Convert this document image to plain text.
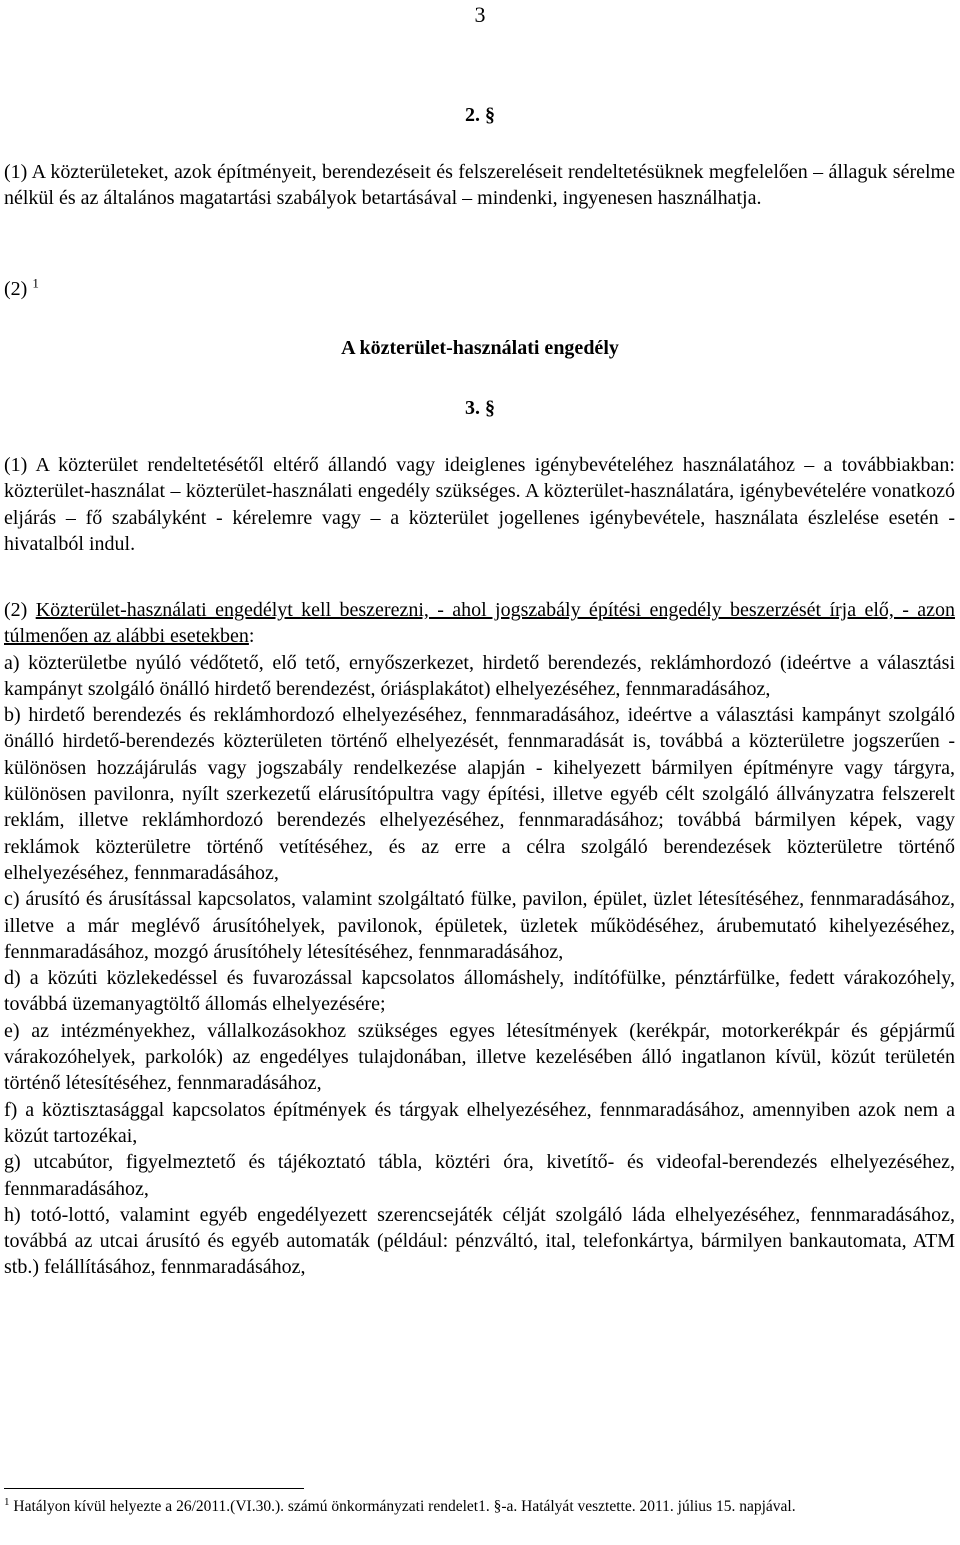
3
2. §
(1) A közterületeket, azok építményeit, berendezéseit és felszereléseit rendeltetésüknek megfelelően – állaguk sérelme nélkül és az általános magatartási szabályok betartásával – mindenki, ingyenesen használhatja.
(2) $^1$
A közterület-használati engedély
3. §
(1) A közterület rendeltetésétől eltérő állandó vagy ideiglenes igénybevételéhez használatához – a továbbiakban: közterület-használat – közterület-használati engedély szükséges. A közterület-használatára, igénybevételére vonatkozó eljárás – fő szabályként - kérelemre vagy – a közterület jogellenes igénybevétele, használata észlelése esetén - hivatalból indul.
(2) Közterület-használati engedélyt kell beszerezni, - ahol jogszabály építési engedély beszerzését írja elő, - azon túlmenően az alábbi esetekben:
a) közterületbe nyúló védőtető, elő tető, ernyőszerkezet, hirdető berendezés, reklámhordozó (ideértve a választási kampányt szolgáló önálló hirdető berendezést, óriásplakátot) elhelyezéséhez, fennmaradásához,
b) hirdető berendezés és reklámhordozó elhelyezéséhez, fennmaradásához, ideértve a választási kampányt szolgáló önálló hirdető-berendezés közterületen történő elhelyezését, fennmaradását is, továbbá a közterületre jogszerűen - különösen hozzájárulás vagy jogszabály rendelkezése alapján - kihelyezett bármilyen építményre vagy tárgyra, különösen pavilonra, nyílt szerkezetű elárusítópultra vagy építési, illetve egyéb célt szolgáló állványzatra felszerelt reklám, illetve reklámhordozó berendezés elhelyezéséhez, fennmaradásához; továbbá bármilyen képek, vagy reklámok közterületre történő vetítéséhez, és az erre a célra szolgáló berendezések közterületre történő elhelyezéséhez, fennmaradásához,
c) árusító és árusítással kapcsolatos, valamint szolgáltató fülke, pavilon, épület, üzlet létesítéséhez, fennmaradásához, illetve a már meglévő árusítóhelyek, pavilonok, épületek, üzletek működéséhez, árubemutató kihelyezéséhez, fennmaradásához, mozgó árusítóhely létesítéséhez, fennmaradásához,
d) a közúti közlekedéssel és fuvarozással kapcsolatos állomáshely, indítófülke, pénztárfülke, fedett várakozóhely, továbbá üzemanyagtöltő állomás elhelyezésére;
e) az intézményekhez, vállalkozásokhoz szükséges egyes létesítmények (kerékpár, motorkerékpár és gépjármű várakozóhelyek, parkolók) az engedélyes tulajdonában, illetve kezelésében álló ingatlanon kívül, közút területén történő létesítéséhez, fennmaradásához,
f) a köztisztasággal kapcsolatos építmények és tárgyak elhelyezéséhez, fennmaradásához, amennyiben azok nem a közút tartozékai,
g) utcabútor, figyelmeztető és tájékoztató tábla, köztéri óra, kivetítő- és videofal-berendezés elhelyezéséhez, fennmaradásához,
h) totó-lottó, valamint egyéb engedélyezett szerencsejáték célját szolgáló láda elhelyezéséhez, fennmaradásához, továbbá az utcai árusító és egyéb automaták (például: pénzváltó, ital, telefonkártya, bármilyen bankautomata, ATM stb.) felállításához, fennmaradásához,
$^1$ Hatályon kívül helyezte a 26/2011.(VI.30.). számú önkormányzati rendelet1. §-a. Hatályát vesztette. 2011. július 15. napjával.
